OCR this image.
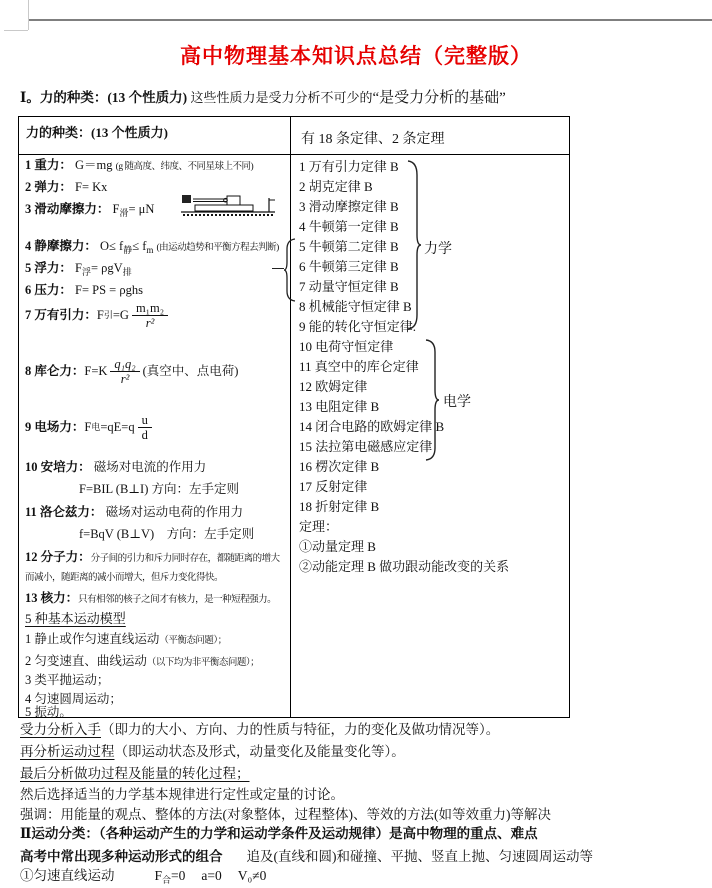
高中物理基本知识点总结（完整版）
Ⅰ。力的种类：(13 个性质力) 这些性质力是受力分析不可少的“是受力分析的基础”
力的种类：(13 个性质力)	有 18 条定律、2 条定理
1 重力： G＝mg (g 随高度、纬度、不同星球上不同)
2 弹力： F= Kx
3 滑动摩擦力： $F_滑= \mu N$
4 静摩擦力： $O\le f_静\le f_m$ (由运动趋势和平衡方程去判断)
5 浮力： $F_浮= \rho gV_排$
6 压力： F= PS = ρghs
7 万有引力： F 引 =G
m₁m₂
r²
8 库仑力： F=K
q₁q₂
r²
(真空中、点电荷)
9 电场力： F 电 =qE=q
u
d
10 安培力： 磁场对电流的作用力
F=BIL (B⊥I) 方向：左手定则
11 洛仑兹力： 磁场对运动电荷的作用力
f=BqV (B⊥V)　方向：左手定则
12 分子力：分子间的引力和斥力同时存在，都随距离的增大而减小，随距离的减小而增大，但斥力变化得快。
13 核力：只有相邻的核子之间才有核力，是一种短程强力。
5 种基本运动模型
1 静止或作匀速直线运动（平衡态问题）；
2 匀变速直、曲线运动（以下均为非平衡态问题）；
3 类平抛运动；
4 匀速圆周运动；
5 振动。
1 万有引力定律 B
2 胡克定律 B
3 滑动摩擦定律 B
4 牛顿第一定律 B
5 牛顿第二定律 B
6 牛顿第三定律 B
7 动量守恒定律 B
8 机械能守恒定律 B
9 能的转化守恒定律.
10 电荷守恒定律
11 真空中的库仑定律
12 欧姆定律
13 电阻定律 B
14 闭合电路的欧姆定律 B
15 法拉第电磁感应定律
16 楞次定律 B
17 反射定律
18 折射定律 B
定理：
①动量定理 B
②动能定理 B 做功跟动能改变的关系
力学
电学
受力分析入手（即力的大小、方向、力的性质与特征，力的变化及做功情况等）。
再分析运动过程（即运动状态及形式，动量变化及能量变化等）。
最后分析做功过程及能量的转化过程；
然后选择适当的力学基本规律进行定性或定量的讨论。
强调：用能量的观点、整体的方法(对象整体，过程整体)、等效的方法(如等效重力)等解决
Ⅱ运动分类：（各种运动产生的力学和运动学条件及运动规律）是高中物理的重点、难点
高考中常出现多种运动形式的组合 追及(直线和圆)和碰撞、平抛、竖直上抛、匀速圆周运动等
①匀速直线运动	$F_合=0$ a=0 V₀≠0
